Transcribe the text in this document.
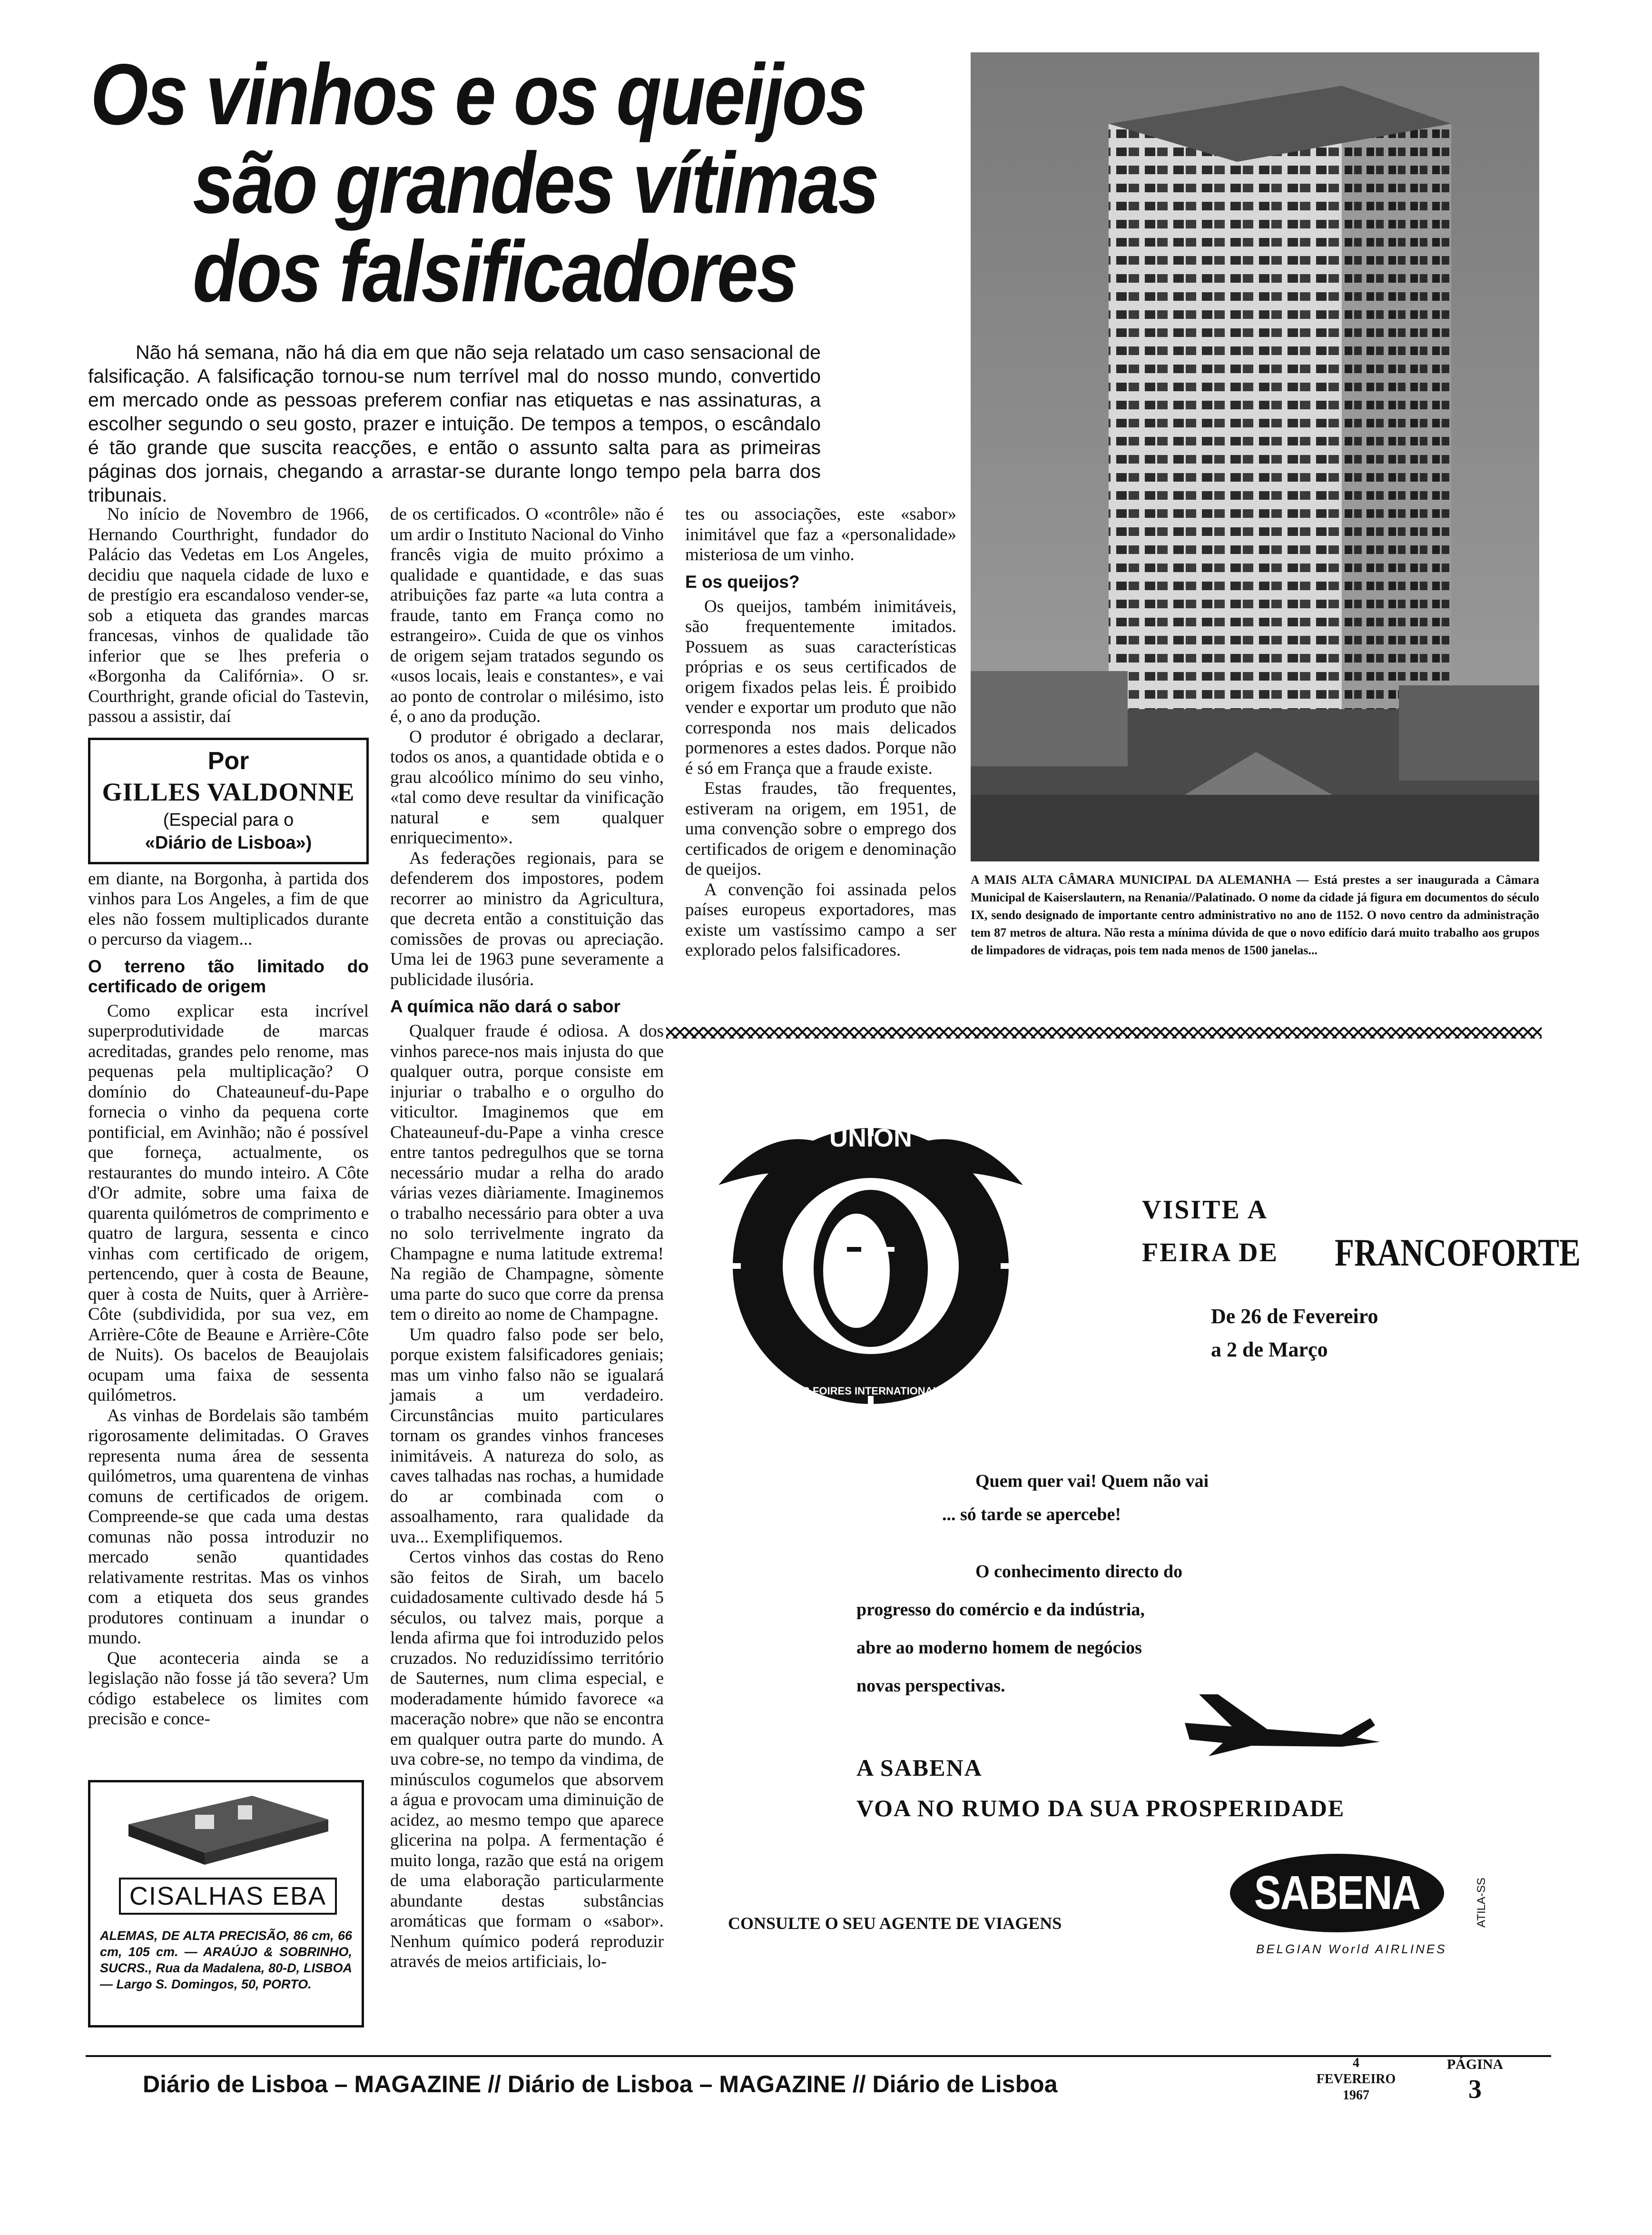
Os vinhos e os queijos
são grandes vítimas
dos falsificadores
Não há semana, não há dia em que não seja relatado um caso sensacional de falsificação. A falsificação tornou-se num terrível mal do nosso mundo, convertido em mercado onde as pessoas preferem confiar nas etiquetas e nas assinaturas, a escolher segundo o seu gosto, prazer e intuição. De tempos a tempos, o escândalo é tão grande que suscita reacções, e então o assunto salta para as primeiras páginas dos jornais, chegando a arrastar-se durante longo tempo pela barra dos tribunais.

No início de Novembro de 1966, Hernando Courthright, fundador do Palácio das Vedetas em Los Angeles, decidiu que naquela cidade de luxo e de prestígio era escandaloso vender-se, sob a etiqueta das grandes marcas francesas, vinhos de qualidade tão inferior que se lhes preferia o «Borgonha da Califórnia». O sr. Courthright, grande oficial do Tastevin, passou a assistir, daí

Por
GILLES VALDONNE
(Especial para o
«Diário de Lisboa»)

em diante, na Borgonha, à partida dos vinhos para Los Angeles, a fim de que eles não fossem multiplicados durante o percurso da viagem...

O terreno tão limitado do certificado de origem

Como explicar esta incrível superprodutividade de marcas acreditadas, grandes pelo renome, mas pequenas pela multiplicação? O domínio do Chateauneuf-du-Pape fornecia o vinho da pequena corte pontificial, em Avinhão; não é possível que forneça, actualmente, os restaurantes do mundo inteiro. A Côte d'Or admite, sobre uma faixa de quarenta quilómetros de comprimento e quatro de largura, sessenta e cinco vinhas com certificado de origem, pertencendo, quer à costa de Beaune, quer à costa de Nuits, quer à Arrière-Côte (subdividida, por sua vez, em Arrière-Côte de Beaune e Arrière-Côte de Nuits). Os bacelos de Beaujolais ocupam uma faixa de sessenta quilómetros.

As vinhas de Bordelais são também rigorosamente delimitadas. O Graves representa numa área de sessenta quilómetros, uma quarentena de vinhas comuns de certificados de origem. Compreende-se que cada uma destas comunas não possa introduzir no mercado senão quantidades relativamente restritas. Mas os vinhos com a etiqueta dos seus grandes produtores continuam a inundar o mundo.

Que aconteceria ainda se a legislação não fosse já tão severa? Um código estabelece os limites com precisão e conce-

de os certificados. O «contrôle» não é um ardir o Instituto Nacional do Vinho francês vigia de muito próximo a qualidade e quantidade, e das suas atribuições faz parte «a luta contra a fraude, tanto em França como no estrangeiro». Cuida de que os vinhos de origem sejam tratados segundo os «usos locais, leais e constantes», e vai ao ponto de controlar o milésimo, isto é, o ano da produção.

O produtor é obrigado a declarar, todos os anos, a quantidade obtida e o grau alcoólico mínimo do seu vinho, «tal como deve resultar da vinificação natural e sem qualquer enriquecimento».

As federações regionais, para se defenderem dos impostores, podem recorrer ao ministro da Agricultura, que decreta então a constituição das comissões de provas ou apreciação. Uma lei de 1963 pune severamente a publicidade ilusória.

A química não dará o sabor

Qualquer fraude é odiosa. A dos vinhos parece-nos mais injusta do que qualquer outra, porque consiste em injuriar o trabalho e o orgulho do viticultor. Imaginemos que em Chateauneuf-du-Pape a vinha cresce entre tantos pedregulhos que se torna necessário mudar a relha do arado várias vezes diàriamente. Imaginemos o trabalho necessário para obter a uva no solo terrivelmente ingrato da Champagne e numa latitude extrema! Na região de Champagne, sòmente uma parte do suco que corre da prensa tem o direito ao nome de Champagne.

Um quadro falso pode ser belo, porque existem falsificadores geniais; mas um vinho falso não se igualará jamais a um verdadeiro. Circunstâncias muito particulares tornam os grandes vinhos franceses inimitáveis. A natureza do solo, as caves talhadas nas rochas, a humidade do ar combinada com o assoalhamento, rara qualidade da uva... Exemplifiquemos.

Certos vinhos das costas do Reno são feitos de Sirah, um bacelo cuidadosamente cultivado desde há 5 séculos, ou talvez mais, porque a lenda afirma que foi introduzido pelos cruzados. No reduzidíssimo território de Sauternes, num clima especial, e moderadamente húmido favorece «a maceração nobre» que não se encontra em qualquer outra parte do mundo. A uva cobre-se, no tempo da vindima, de minúsculos cogumelos que absorvem a água e provocam uma diminuição de acidez, ao mesmo tempo que aparece glicerina na polpa. A fermentação é muito longa, razão que está na origem de uma elaboração particularmente abundante destas substâncias aromáticas que formam o «sabor». Nenhum químico poderá reproduzir através de meios artificiais, lo-

tes ou associações, este «sabor» inimitável que faz a «personalidade» misteriosa de um vinho.

E os queijos?

Os queijos, também inimitáveis, são frequentemente imitados. Possuem as suas características próprias e os seus certificados de origem fixados pelas leis. É proibido vender e exportar um produto que não corresponda nos mais delicados pormenores a estes dados. Porque não é só em França que a fraude existe.

Estas fraudes, tão frequentes, estiveram na origem, em 1951, de uma convenção sobre o emprego dos certificados de origem e denominação de queijos.

A convenção foi assinada pelos países europeus exportadores, mas existe um vastíssimo campo a ser explorado pelos falsificadores.

A MAIS ALTA CÂMARA MUNICIPAL DA ALEMANHA — Está prestes a ser inaugurada a Câmara Municipal de Kaiserslautern, na Renania//Palatinado. O nome da cidade já figura em documentos do século IX, sendo designado de importante centro administrativo no ano de 1152. O novo centro da administração tem 87 metros de altura. Não resta a mínima dúvida de que o novo edifício dará muito trabalho aos grupos de limpadores de vidraças, pois tem nada menos de 1500 janelas...
CISALHAS EBA
ALEMAS, DE ALTA PRECISÃO, 86 cm, 66 cm, 105 cm. — ARAÚJO & SOBRINHO, SUCRS., Rua da Madalena, 80-D, LISBOA — Largo S. Domingos, 50, PORTO.
UNION
DES FOIRES INTERNATIONALES
VISITE A
FEIRA DE FRANCOFORTE
De 26 de Fevereiro
a 2 de Março
Quem quer vai! Quem não vai
... só tarde se apercebe!
O conhecimento directo do
progresso do comércio e da indústria,
abre ao moderno homem de negócios
novas perspectivas.
A SABENA
VOA NO RUMO DA SUA PROSPERIDADE
SABENA
BELGIAN World AIRLINES
CONSULTE O SEU AGENTE DE VIAGENS	ATILA-SS
Diário de Lisboa – MAGAZINE // Diário de Lisboa – MAGAZINE // Diário de Lisboa
4
FEVEREIRO
1967
PÁGINA
3
